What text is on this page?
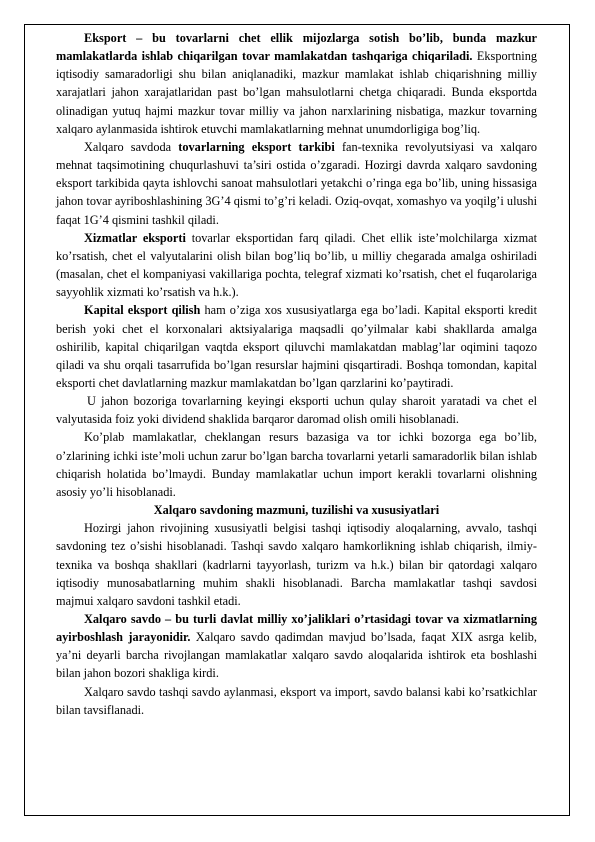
Eksport – bu tovarlarni chet ellik mijozlarga sotish bo’lib, bunda mazkur mamlakatlarda ishlab chiqarilgan tovar mamlakatdan tashqariga chiqariladi. Eksportning iqtisodiy samaradorligi shu bilan aniqlanadiki, mazkur mamlakat ishlab chiqarishning milliy xarajatlari jahon xarajatlaridan past bo’lgan mahsulotlarni chetga chiqaradi. Bunda eksportda olinadigan yutuq hajmi mazkur tovar milliy va jahon narxlarining nisbatiga, mazkur tovarning xalqaro aylanmasida ishtirok etuvchi mamlakatlarning mehnat unumdorligiga bog’liq.

Xalqaro savdoda tovarlarning eksport tarkibi fan-texnika revolyutsiyasi va xalqaro mehnat taqsimotining chuqurlashuvi ta’siri ostida o’zgaradi. Hozirgi davrda xalqaro savdoning eksport tarkibida qayta ishlovchi sanoat mahsulotlari yetakchi o’ringa ega bo’lib, uning hissasiga jahon tovar ayriboshlashining 3G’4 qismi to’g’ri keladi. Oziq-ovqat, xomashyo va yoqilg’i ulushi faqat 1G’4 qismini tashkil qiladi.

Xizmatlar eksporti tovarlar eksportidan farq qiladi. Chet ellik iste’molchilarga xizmat ko’rsatish, chet el valyutalarini olish bilan bog’liq bo’lib, u milliy chegarada amalga oshiriladi (masalan, chet el kompaniyasi vakillariga pochta, telegraf xizmati ko’rsatish, chet el fuqarolariga sayyohlik xizmati ko’rsatish va h.k.).

Kapital eksport qilish ham o’ziga xos xususiyatlarga ega bo’ladi. Kapital eksporti kredit berish yoki chet el korxonalari aktsiyalariga maqsadli qo’yilmalar kabi shakllarda amalga oshirilib, kapital chiqarilgan vaqtda eksport qiluvchi mamlakatdan mablag’lar oqimini taqozo qiladi va shu orqali tasarrufida bo’lgan resurslar hajmini qisqartiradi. Boshqa tomondan, kapital eksporti chet davlatlarning mazkur mamlakatdan bo’lgan qarzlarini ko’paytiradi.

U jahon bozoriga tovarlarning keyingi eksporti uchun qulay sharoit yaratadi va chet el valyutasida foiz yoki dividend shaklida barqaror daromad olish omili hisoblanadi.

Ko’plab mamlakatlar, cheklangan resurs bazasiga va tor ichki bozorga ega bo’lib, o’zlarining ichki iste’moli uchun zarur bo’lgan barcha tovarlarni yetarli samaradorlik bilan ishlab chiqarish holatida bo’lmaydi. Bunday mamlakatlar uchun import kerakli tovarlarni olishning asosiy yo’li hisoblanadi.

Xalqaro savdoning mazmuni, tuzilishi va xususiyatlari

Hozirgi jahon rivojining xususiyatli belgisi tashqi iqtisodiy aloqalarning, avvalo, tashqi savdoning tez o’sishi hisoblanadi. Tashqi savdo xalqaro hamkorlikning ishlab chiqarish, ilmiy-texnika va boshqa shakllari (kadrlarni tayyorlash, turizm va h.k.) bilan bir qatordagi xalqaro iqtisodiy munosabatlarning muhim shakli hisoblanadi. Barcha mamlakatlar tashqi savdosi majmui xalqaro savdoni tashkil etadi.

Xalqaro savdo – bu turli davlat milliy xo’jaliklari o’rtasidagi tovar va xizmatlarning ayirboshlash jarayonidir. Xalqaro savdo qadimdan mavjud bo’lsada, faqat XIX asrga kelib, ya’ni deyarli barcha rivojlangan mamlakatlar xalqaro savdo aloqalarida ishtirok eta boshlashi bilan jahon bozori shakliga kirdi.

Xalqaro savdo tashqi savdo aylanmasi, eksport va import, savdo balansi kabi ko’rsatkichlar bilan tavsiflanadi.
